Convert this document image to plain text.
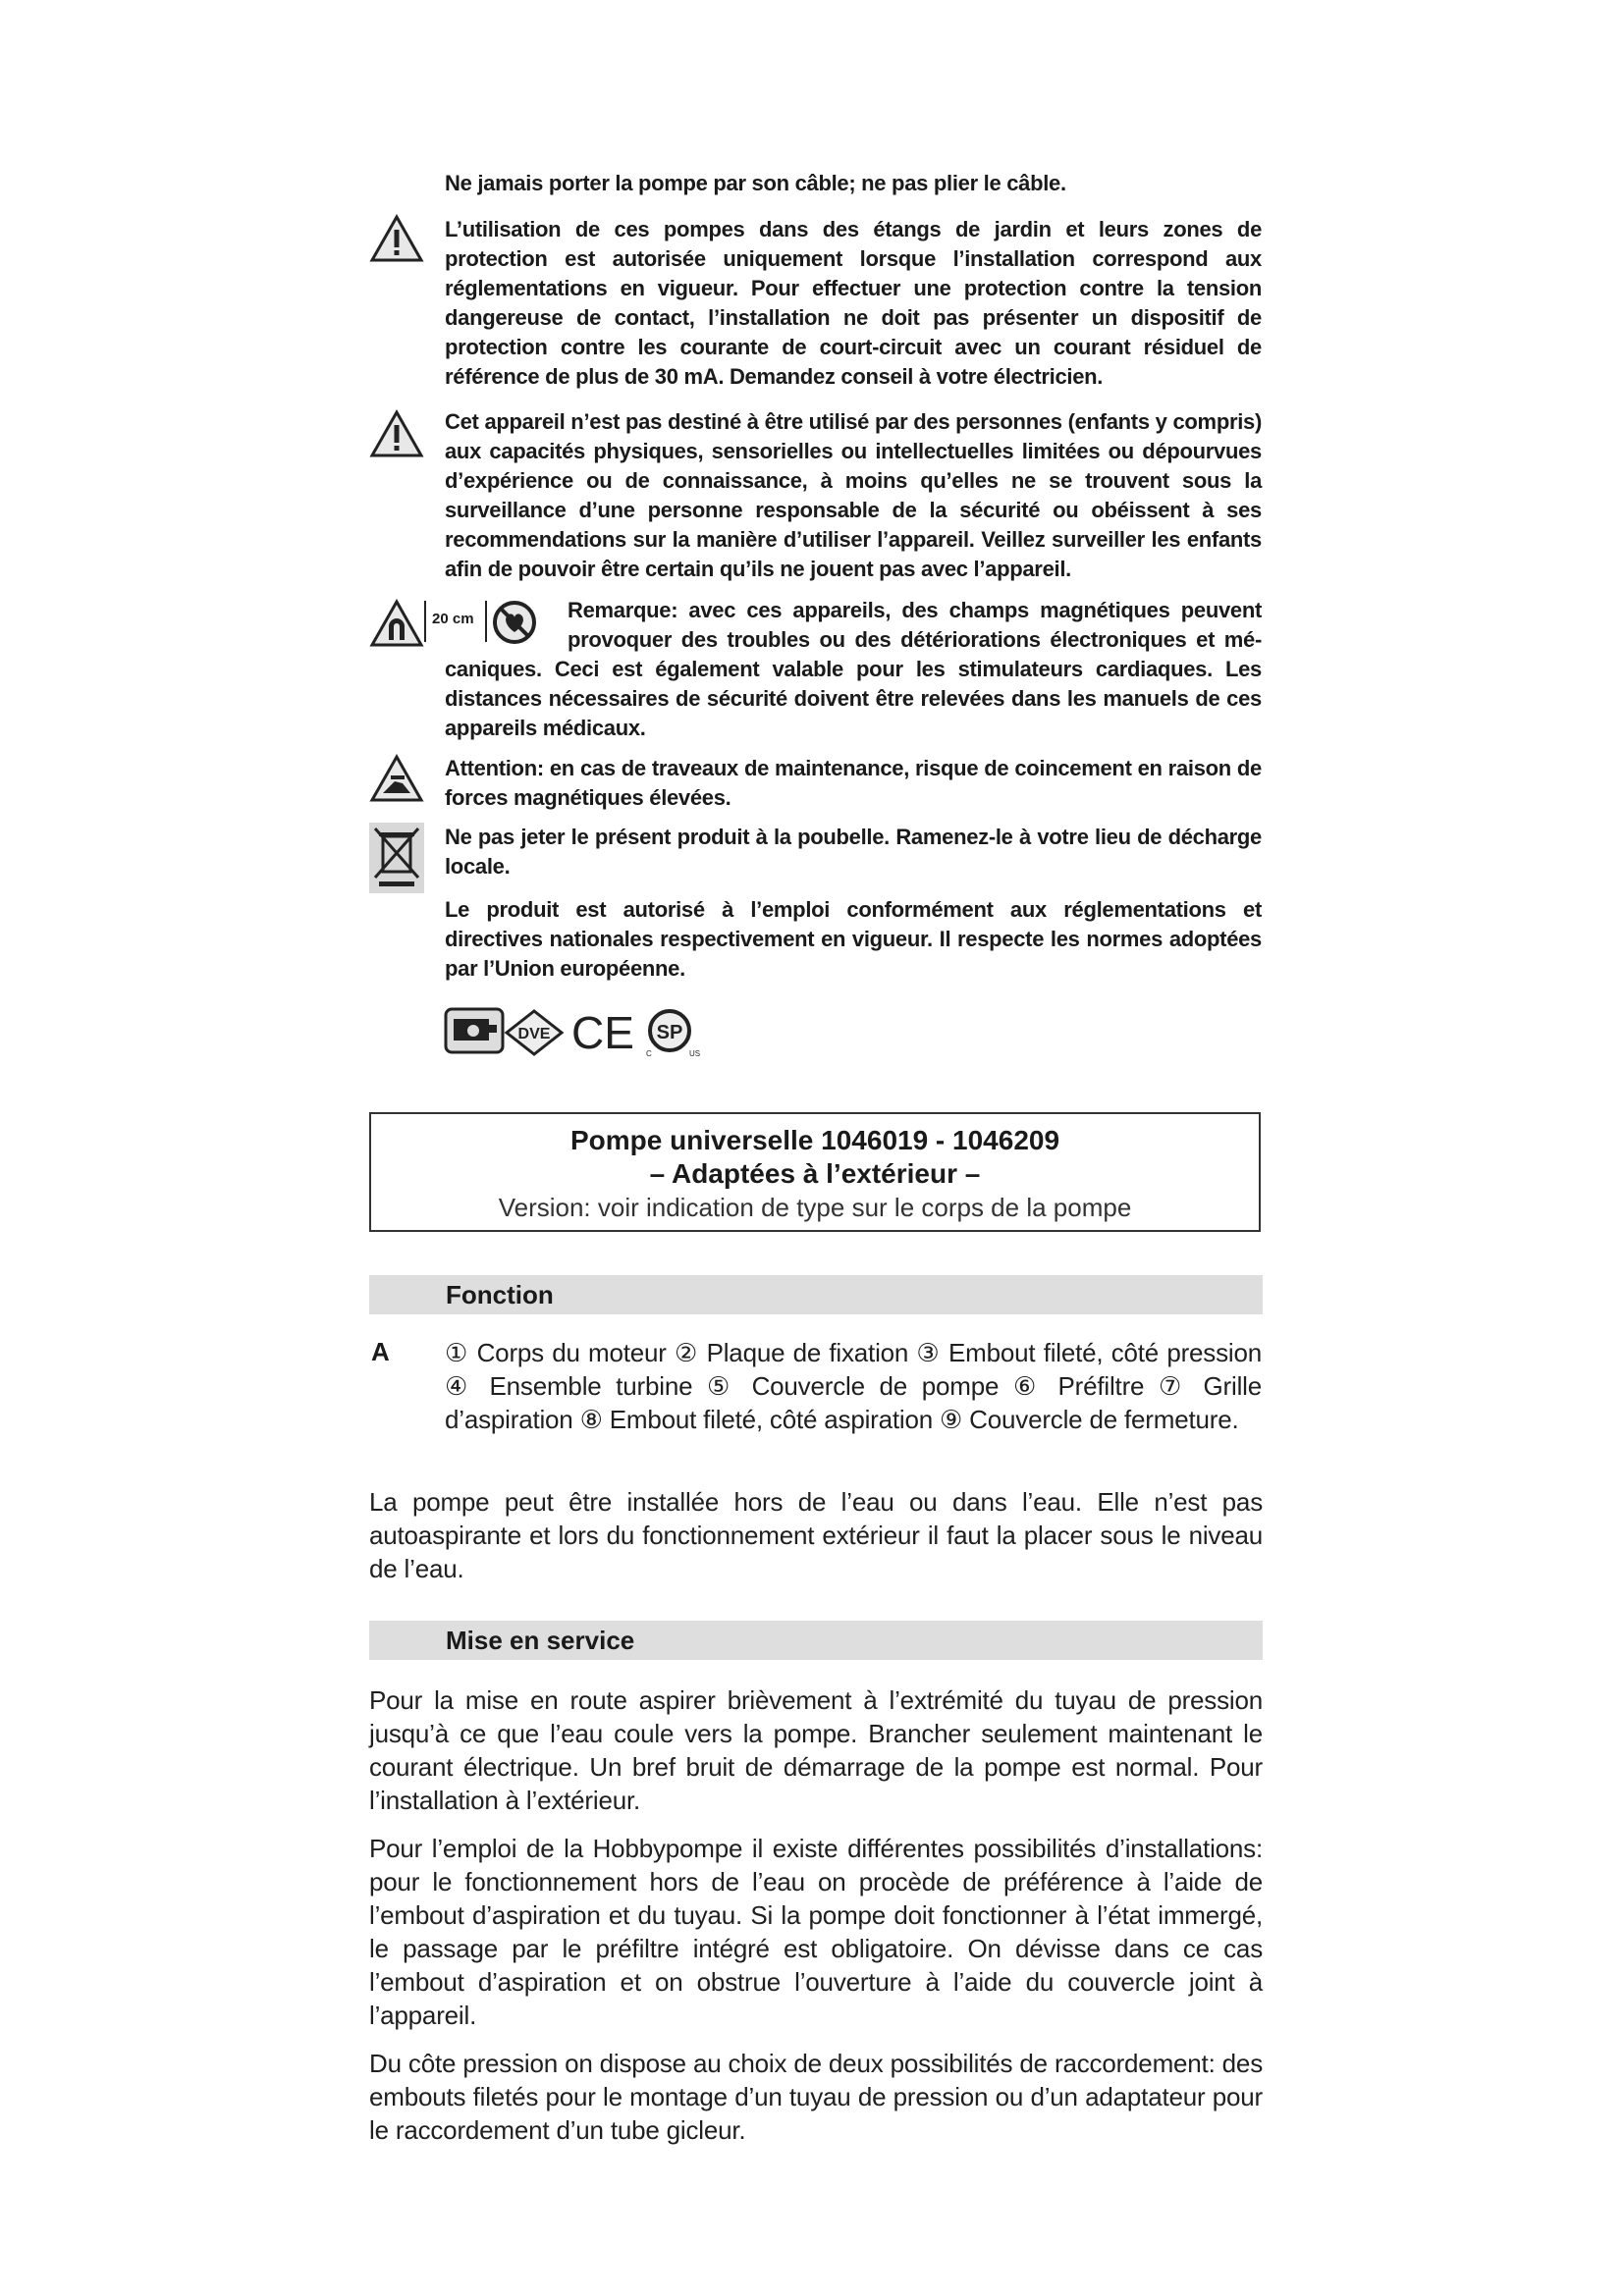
Ne jamais porter la pompe par son câble; ne pas plier le câble.

L’utilisation de ces pompes dans des étangs de jardin et leurs zones de protection est autorisée uniquement lorsque l’installation correspond aux réglementations en vigueur. Pour effectuer une protection contre la tension dangereuse de contact, l’installation ne doit pas présenter un dispositif de protection contre les courante de court-circuit avec un courant résiduel de référence de plus de 30 mA. Demandez conseil à votre électricien.

Cet appareil n’est pas destiné à être utilisé par des personnes (enfants y compris) aux capacités physiques, sensorielles ou intellectuelles limitées ou dépourvues d’expérience ou de connaissance, à moins qu’elles ne se trouvent sous la surveillance d’une personne responsable de la sécurité ou obéissent à ses recommendations sur la manière d’utiliser l’appareil. Veillez surveiller les enfants afin de pouvoir être certain qu’ils ne jouent pas avec l’appareil.

20 cm	Remarque: avec ces appareils, des champs magnétiques peuvent

provoquer des troubles ou des détériorations électroniques et mé-

caniques. Ceci est également valable pour les stimulateurs cardiaques. Les distances nécessaires de sécurité doivent être relevées dans les manuels de ces appareils médicaux.

Attention: en cas de traveaux de maintenance, risque de coincement en raison de forces magnétiques élevées.

Ne pas jeter le présent produit à la poubelle. Ramenez-le à votre lieu de décharge locale.

Le produit est autorisé à l’emploi conformément aux réglementations et directives nationales respectivement en vigueur. Il respecte les normes adoptées par l’Union européenne.

DVE CE SP
C	US
Pompe universelle 1046019 - 1046209
– Adaptées à l’extérieur –
Version: voir indication de type sur le corps de la pompe
Fonction
A ① Corps du moteur ② Plaque de fixation ③ Embout fileté, côté pression ④ Ensemble turbine ⑤ Couvercle de pompe ⑥ Préfiltre ⑦ Grille d’aspiration ⑧ Embout fileté, côté aspiration ⑨ Couvercle de fermeture.

La pompe peut être installée hors de l’eau ou dans l’eau. Elle n’est pas autoaspirante et lors du fonctionnement extérieur il faut la placer sous le niveau de l’eau.

Mise en service

Pour la mise en route aspirer brièvement à l’extrémité du tuyau de pression jusqu’à ce que l’eau coule vers la pompe. Brancher seulement maintenant le courant électrique. Un bref bruit de démarrage de la pompe est normal. Pour l’installation à l’extérieur.

Pour l’emploi de la Hobbypompe il existe différentes possibilités d’installations: pour le fonctionnement hors de l’eau on procède de préférence à l’aide de l’embout d’aspiration et du tuyau. Si la pompe doit fonctionner à l’état immergé, le passage par le préfiltre intégré est obligatoire. On dévisse dans ce cas l’embout d’aspiration et on obstrue l’ouverture à l’aide du couvercle joint à l’appareil.

Du côte pression on dispose au choix de deux possibilités de raccordement: des embouts filetés pour le montage d’un tuyau de pression ou d’un adaptateur pour le raccordement d’un tube gicleur.
